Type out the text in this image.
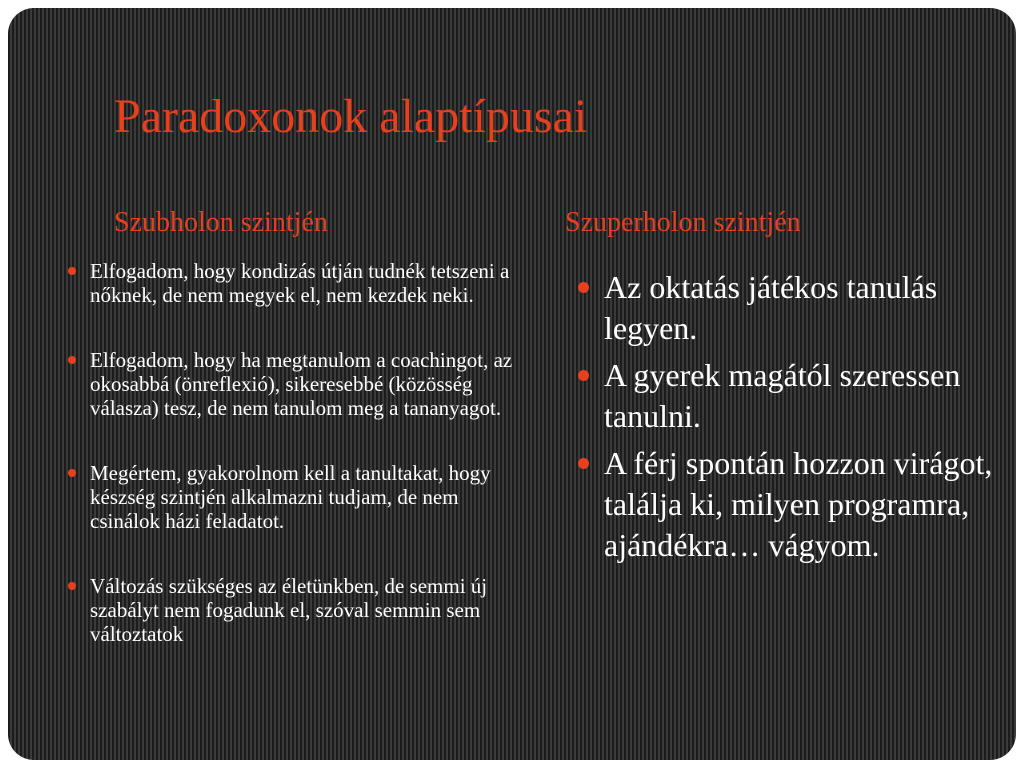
Paradoxonok alaptípusai
Szubholon szintjén	Szuperholon szintjén
Elfogadom, hogy kondizás útján tudnék tetszeni a nőknek, de nem megyek el, nem kezdek neki.
Elfogadom, hogy ha megtanulom a coachingot, az okosabbá (önreflexió), sikeresebbé (közösség válasza) tesz, de nem tanulom meg a tananyagot.
Megértem, gyakorolnom kell a tanultakat, hogy készség szintjén alkalmazni tudjam, de nem csinálok házi feladatot.
Változás szükséges az életünkben, de semmi új szabályt nem fogadunk el, szóval semmin sem változtatok
Az oktatás játékos tanulás legyen.
A gyerek magától szeressen tanulni.
A férj spontán hozzon virágot, találja ki, milyen programra, ajándékra… vágyom.
